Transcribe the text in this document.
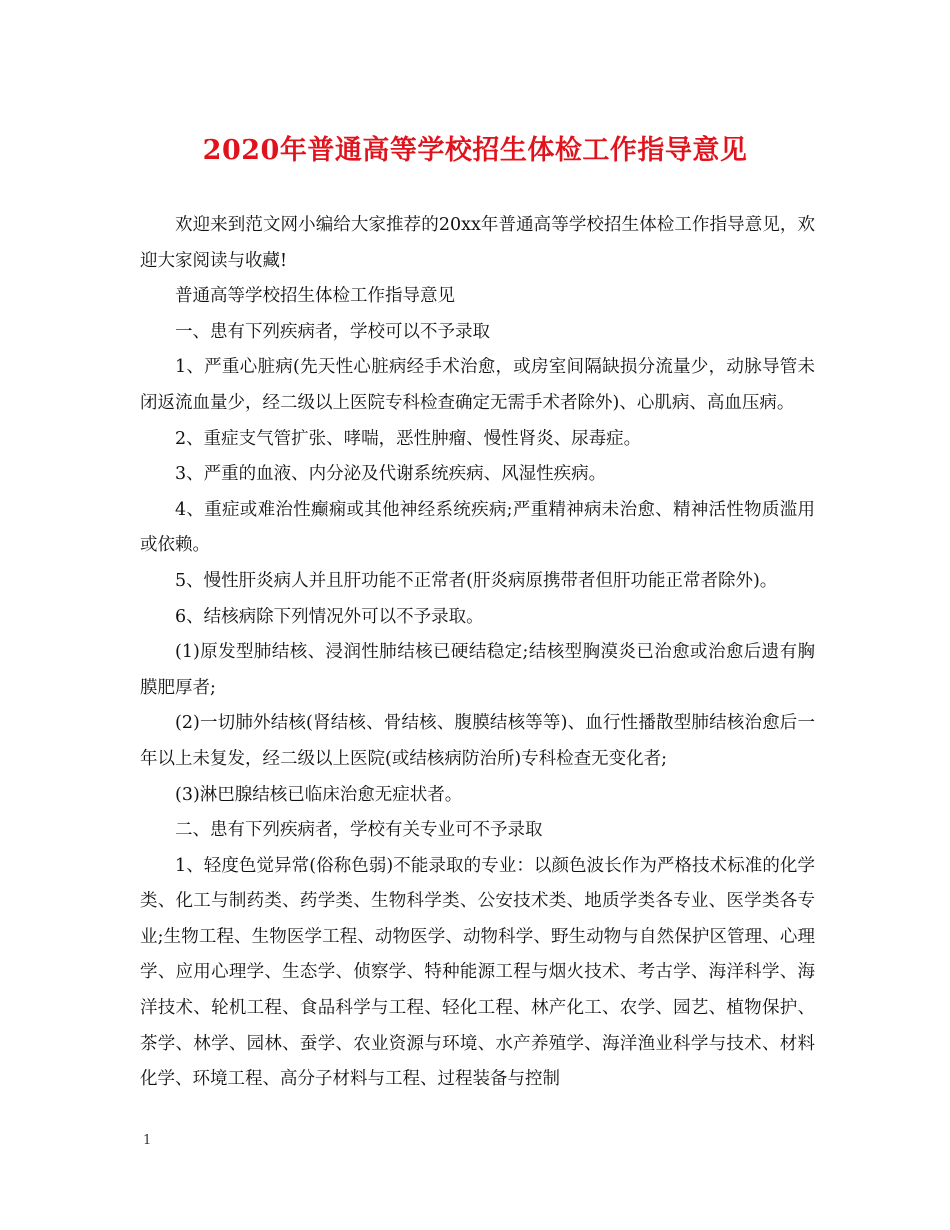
2020年普通高等学校招生体检工作指导意见

欢迎来到范文网小编给大家推荐的20xx年普通高等学校招生体检工作指导意见，欢迎大家阅读与收藏!

普通高等学校招生体检工作指导意见

一、患有下列疾病者，学校可以不予录取

1、严重心脏病(先天性心脏病经手术治愈，或房室间隔缺损分流量少，动脉导管未闭返流血量少，经二级以上医院专科检查确定无需手术者除外)、心肌病、高血压病。

2、重症支气管扩张、哮喘，恶性肿瘤、慢性肾炎、尿毒症。

3、严重的血液、内分泌及代谢系统疾病、风湿性疾病。

4、重症或难治性癫痫或其他神经系统疾病;严重精神病未治愈、精神活性物质滥用或依赖。

5、慢性肝炎病人并且肝功能不正常者(肝炎病原携带者但肝功能正常者除外)。

6、结核病除下列情况外可以不予录取。

(1)原发型肺结核、浸润性肺结核已硬结稳定;结核型胸漠炎已治愈或治愈后遗有胸膜肥厚者;

(2)一切肺外结核(肾结核、骨结核、腹膜结核等等)、血行性播散型肺结核治愈后一年以上未复发，经二级以上医院(或结核病防治所)专科检查无变化者;

(3)淋巴腺结核已临床治愈无症状者。

二、患有下列疾病者，学校有关专业可不予录取

1、轻度色觉异常(俗称色弱)不能录取的专业：以颜色波长作为严格技术标准的化学类、化工与制药类、药学类、生物科学类、公安技术类、地质学类各专业、医学类各专业;生物工程、生物医学工程、动物医学、动物科学、野生动物与自然保护区管理、心理学、应用心理学、生态学、侦察学、特种能源工程与烟火技术、考古学、海洋科学、海洋技术、轮机工程、食品科学与工程、轻化工程、林产化工、农学、园艺、植物保护、茶学、林学、园林、蚕学、农业资源与环境、水产养殖学、海洋渔业科学与技术、材料化学、环境工程、高分子材料与工程、过程装备与控制

1
